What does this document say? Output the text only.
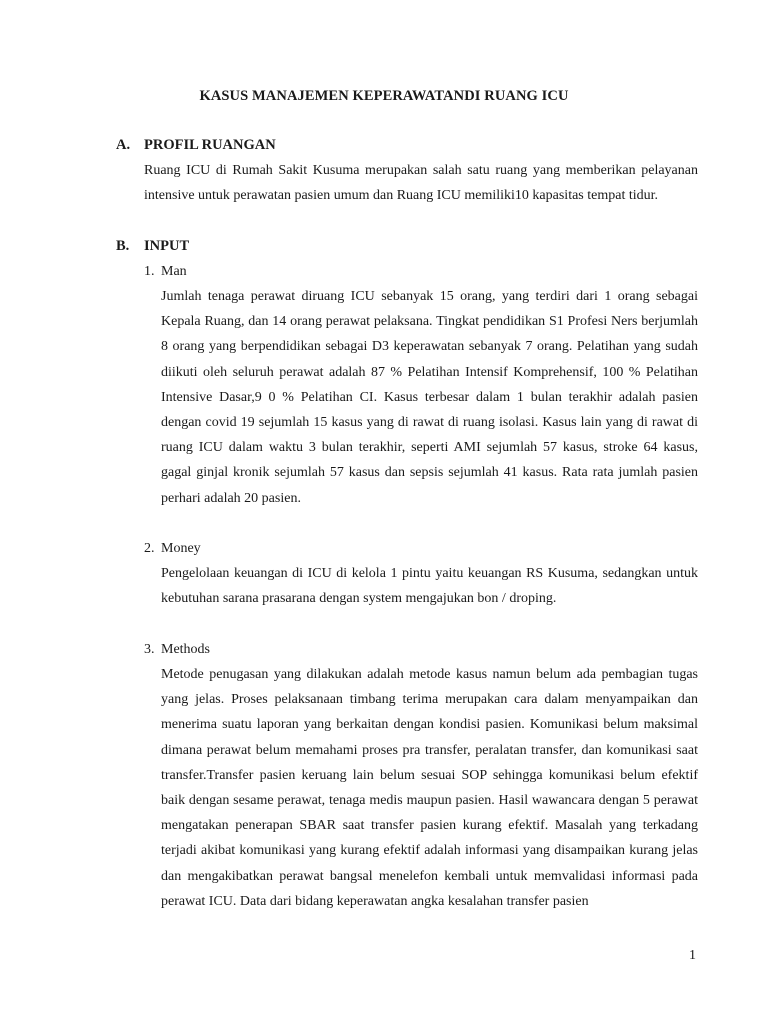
KASUS MANAJEMEN KEPERAWATANDI RUANG ICU
A. PROFIL RUANGAN
Ruang ICU di Rumah Sakit Kusuma merupakan salah satu ruang yang memberikan pelayanan intensive untuk perawatan pasien umum dan Ruang ICU memiliki10 kapasitas tempat tidur.
B. INPUT
1. Man
Jumlah tenaga perawat diruang ICU sebanyak 15 orang, yang terdiri dari 1 orang sebagai Kepala Ruang, dan 14 orang perawat pelaksana. Tingkat pendidikan S1 Profesi Ners berjumlah 8 orang yang berpendidikan sebagai D3 keperawatan sebanyak 7 orang. Pelatihan yang sudah diikuti oleh seluruh perawat adalah 87 % Pelatihan Intensif Komprehensif, 100 % Pelatihan Intensive Dasar,9 0 % Pelatihan CI. Kasus terbesar dalam 1 bulan terakhir adalah pasien dengan covid 19 sejumlah 15 kasus yang di rawat di ruang isolasi. Kasus lain yang di rawat di ruang ICU dalam waktu 3 bulan terakhir, seperti AMI sejumlah 57 kasus, stroke 64 kasus, gagal ginjal kronik sejumlah 57 kasus dan sepsis sejumlah 41 kasus. Rata rata jumlah pasien perhari adalah 20 pasien.
2. Money
Pengelolaan keuangan di ICU di kelola 1 pintu yaitu keuangan RS Kusuma, sedangkan untuk kebutuhan sarana prasarana dengan system mengajukan bon / droping.
3. Methods
Metode penugasan yang dilakukan adalah metode kasus namun belum ada pembagian tugas yang jelas. Proses pelaksanaan timbang terima merupakan cara dalam menyampaikan dan menerima suatu laporan yang berkaitan dengan kondisi pasien. Komunikasi belum maksimal dimana perawat belum memahami proses pra transfer, peralatan transfer, dan komunikasi saat transfer.Transfer pasien keruang lain belum sesuai SOP sehingga komunikasi belum efektif baik dengan sesame perawat, tenaga medis maupun pasien. Hasil wawancara dengan 5 perawat mengatakan penerapan SBAR saat transfer pasien kurang efektif. Masalah yang terkadang terjadi akibat komunikasi yang kurang efektif adalah informasi yang disampaikan kurang jelas dan mengakibatkan perawat bangsal menelefon kembali untuk memvalidasi informasi pada perawat ICU. Data dari bidang keperawatan angka kesalahan transfer pasien
1
